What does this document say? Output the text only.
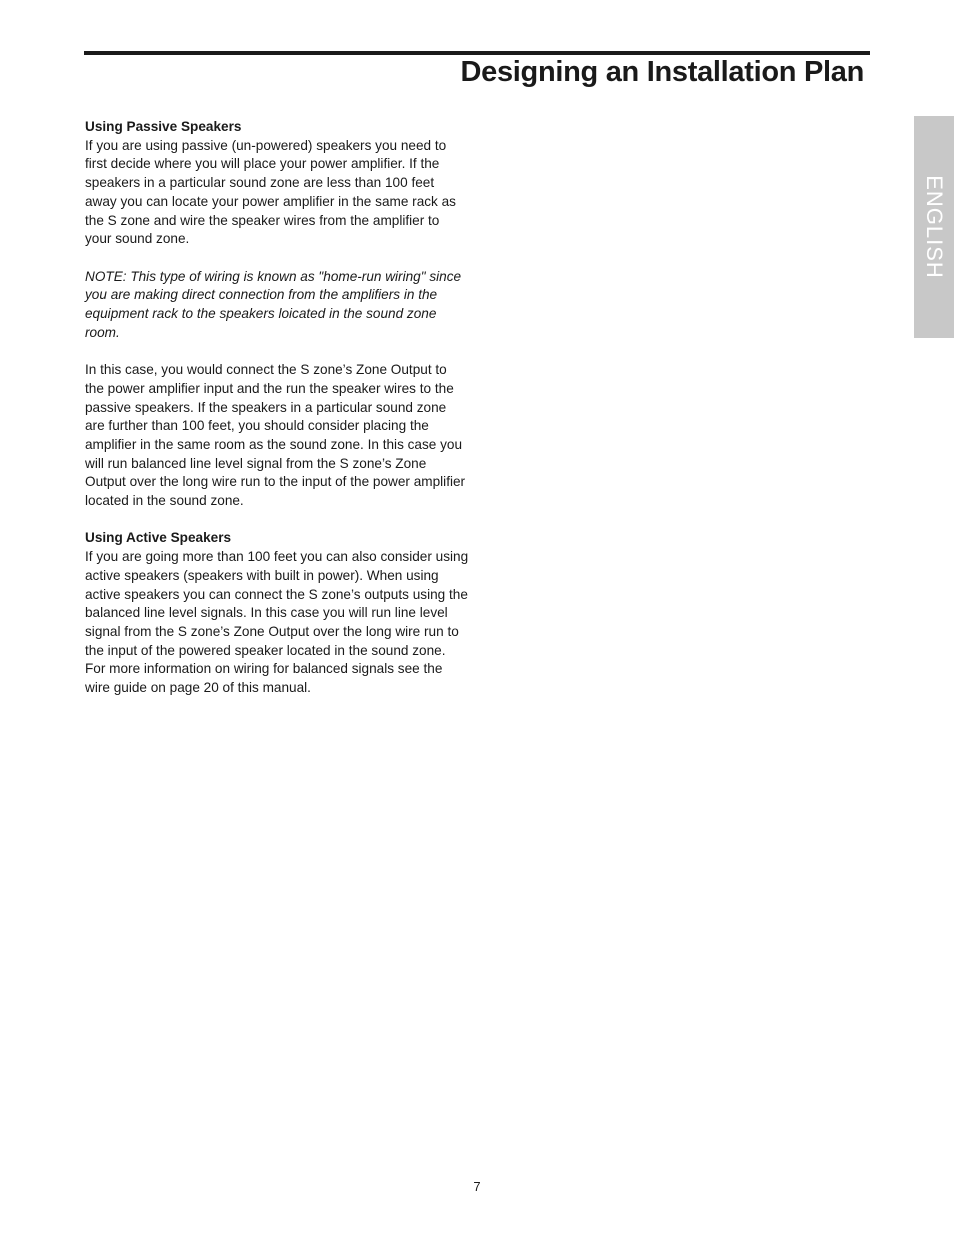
Designing an Installation Plan
ENGLISH

Using Passive Speakers

If you are using passive (un-powered) speakers you need to first decide where you will place your power amplifier. If the speakers in a particular sound zone are less than 100 feet away you can locate your power amplifier in the same rack as the S zone and wire the speaker wires from the amplifier to your sound zone.

NOTE: This type of wiring is known as "home-run wiring" since you are making direct connection from the amplifiers in the equipment rack to the speakers loicated in the sound zone room.

In this case, you would connect the S zone’s Zone Output to the power amplifier input and the run the speaker wires to the passive speakers. If the speakers in a particular sound zone are further than 100 feet, you should consider placing the amplifier in the same room as the sound zone. In this case you will run balanced line level signal from the S zone’s Zone Output over the long wire run to the input of the power amplifier located in the sound zone.

Using Active Speakers

If you are going more than 100 feet you can also consider using active speakers (speakers with built in power). When using active speakers you can connect the S zone’s outputs using the balanced line level signals. In this case you will run line level signal from the S zone’s Zone Output over the long wire run to the input of the powered speaker located in the sound zone. For more information on wiring for balanced signals see the wire guide on page 20 of this manual.

7
